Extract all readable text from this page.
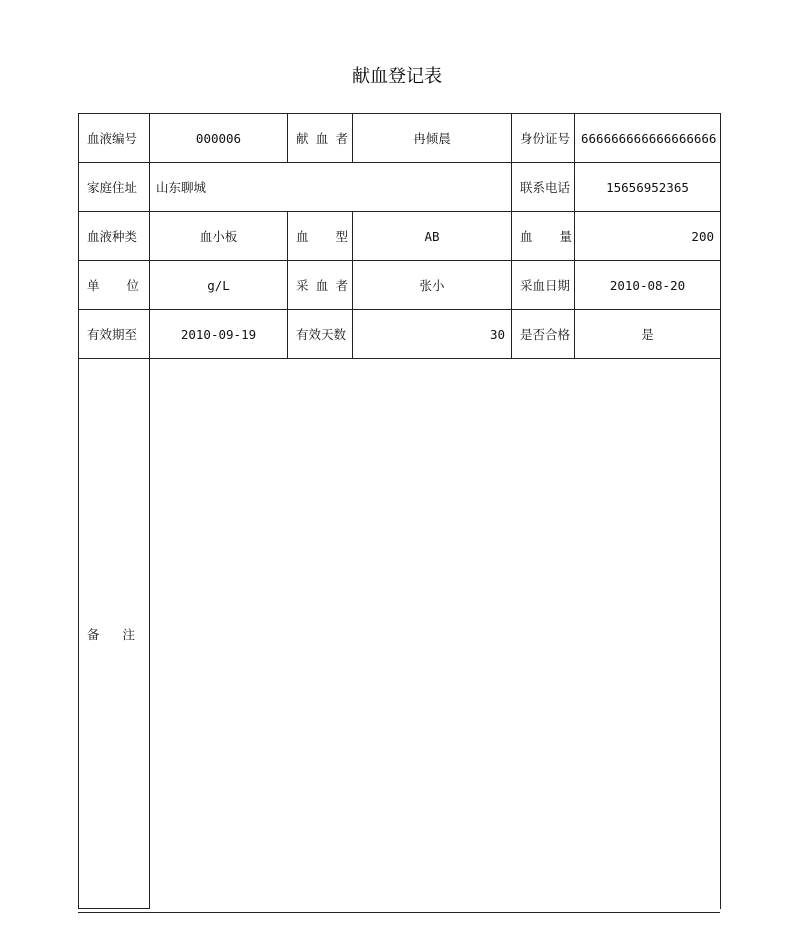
献血登记表
血液编号	000006	献 血 者	冉倾晨	身份证号	666666666666666666
家庭住址	山东聊城			联系电话	15656952365
血液种类	血小板	血 型	AB	血 量	200

单 位	g/L	采 血 者	张小	采血日期	2010-08-20
有效期至	2010-09-19	有效天数	30	是否合格	是

备 注					
